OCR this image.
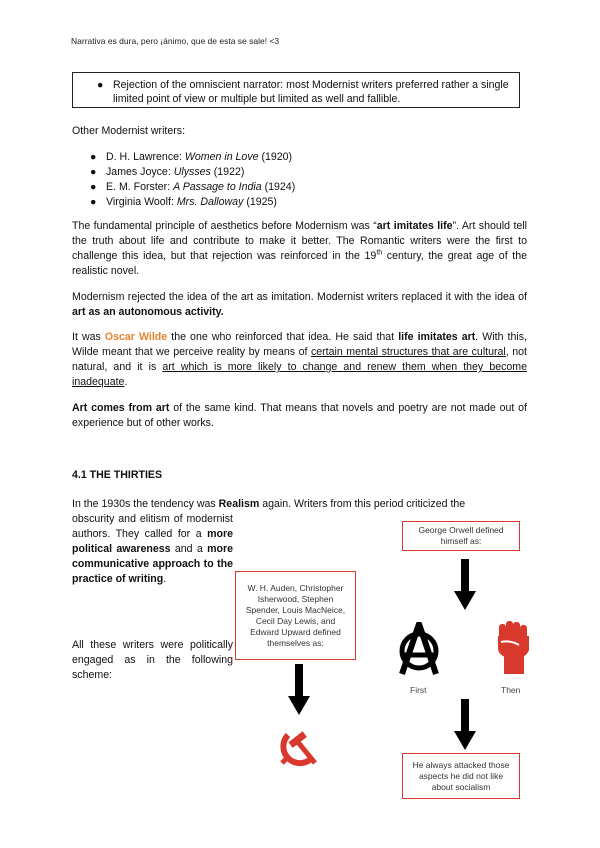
Narrativa es dura, pero ¡ánimo, que de esta se sale! <3
● Rejection of the omniscient narrator: most Modernist writers preferred rather a single limited point of view or multiple but limited as well and fallible.
Other Modernist writers:
● D. H. Lawrence: Women in Love (1920)
● James Joyce: Ulysses (1922)
● E. M. Forster: A Passage to India (1924)
● Virginia Woolf: Mrs. Dalloway (1925)
The fundamental principle of aesthetics before Modernism was “art imitates life”. Art should tell the truth about life and contribute to make it better. The Romantic writers were the first to challenge this idea, but that rejection was reinforced in the 19th century, the great age of the realistic novel.
Modernism rejected the idea of the art as imitation. Modernist writers replaced it with the idea of art as an autonomous activity.
It was Oscar Wilde the one who reinforced that idea. He said that life imitates art. With this, Wilde meant that we perceive reality by means of certain mental structures that are cultural, not natural, and it is art which is more likely to change and renew them when they become inadequate.
Art comes from art of the same kind. That means that novels and poetry are not made out of experience but of other works.
4.1 THE THIRTIES
In the 1930s the tendency was Realism again. Writers from this period criticized the
obscurity and elitism of modernist authors. They called for a more political awareness and a more communicative approach to the practice of writing.
All these writers were politically engaged as in the following scheme:
George Orwell defined himself as:
W. H. Auden, Christopher Isherwood, Stephen Spender, Louis MacNeice, Cecil Day Lewis, and Edward Upward defined themselves as:
He always attacked those aspects he did not like about socialism
First	Then
